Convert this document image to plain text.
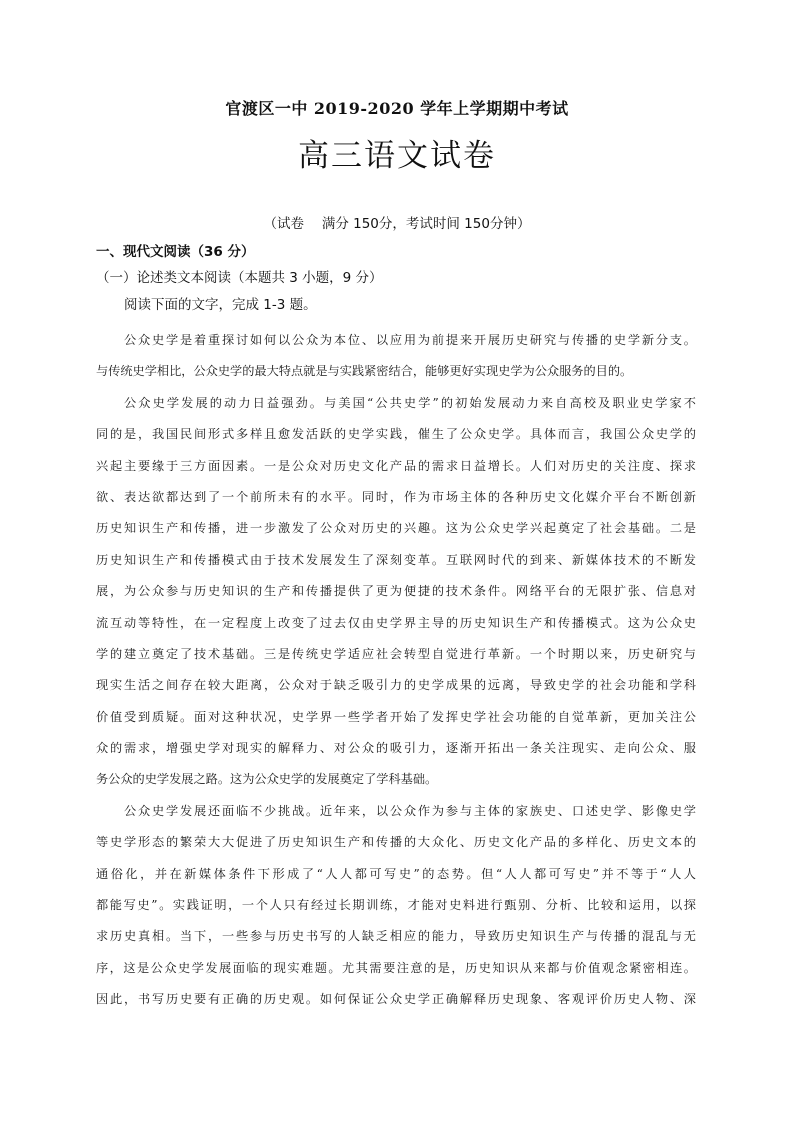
官渡区一中 2019-2020 学年上学期期中考试
高三语文试卷
（试卷　 满分 150分，考试时间 150分钟）
一、现代文阅读（36 分）
（一）论述类文本阅读（本题共 3 小题，9 分）
阅读下面的文字，完成 1-3 题。
公众史学是着重探讨如何以公众为本位、以应用为前提来开展历史研究与传播的史学新分支。
与传统史学相比，公众史学的最大特点就是与实践紧密结合，能够更好实现史学为公众服务的目的。
公众史学发展的动力日益强劲。与美国“公共史学”的初始发展动力来自高校及职业史学家不
同的是，我国民间形式多样且愈发活跃的史学实践，催生了公众史学。具体而言，我国公众史学的
兴起主要缘于三方面因素。一是公众对历史文化产品的需求日益增长。人们对历史的关注度、探求
欲、表达欲都达到了一个前所未有的水平。同时，作为市场主体的各种历史文化媒介平台不断创新
历史知识生产和传播，进一步激发了公众对历史的兴趣。这为公众史学兴起奠定了社会基础。二是
历史知识生产和传播模式由于技术发展发生了深刻变革。互联网时代的到来、新媒体技术的不断发
展，为公众参与历史知识的生产和传播提供了更为便捷的技术条件。网络平台的无限扩张、信息对
流互动等特性，在一定程度上改变了过去仅由史学界主导的历史知识生产和传播模式。这为公众史
学的建立奠定了技术基础。三是传统史学适应社会转型自觉进行革新。一个时期以来，历史研究与
现实生活之间存在较大距离，公众对于缺乏吸引力的史学成果的远离，导致史学的社会功能和学科
价值受到质疑。面对这种状况，史学界一些学者开始了发挥史学社会功能的自觉革新，更加关注公
众的需求，增强史学对现实的解释力、对公众的吸引力，逐渐开拓出一条关注现实、走向公众、服
务公众的史学发展之路。这为公众史学的发展奠定了学科基础。
公众史学发展还面临不少挑战。近年来，以公众作为参与主体的家族史、口述史学、影像史学
等史学形态的繁荣大大促进了历史知识生产和传播的大众化、历史文化产品的多样化、历史文本的
通俗化，并在新媒体条件下形成了“人人都可写史”的态势。但“人人都可写史”并不等于“人人
都能写史”。实践证明，一个人只有经过长期训练，才能对史料进行甄别、分析、比较和运用，以探
求历史真相。当下，一些参与历史书写的人缺乏相应的能力，导致历史知识生产与传播的混乱与无
序，这是公众史学发展面临的现实难题。尤其需要注意的是，历史知识从来都与价值观念紧密相连。
因此，书写历史要有正确的历史观。如何保证公众史学正确解释历史现象、客观评价历史人物、深
